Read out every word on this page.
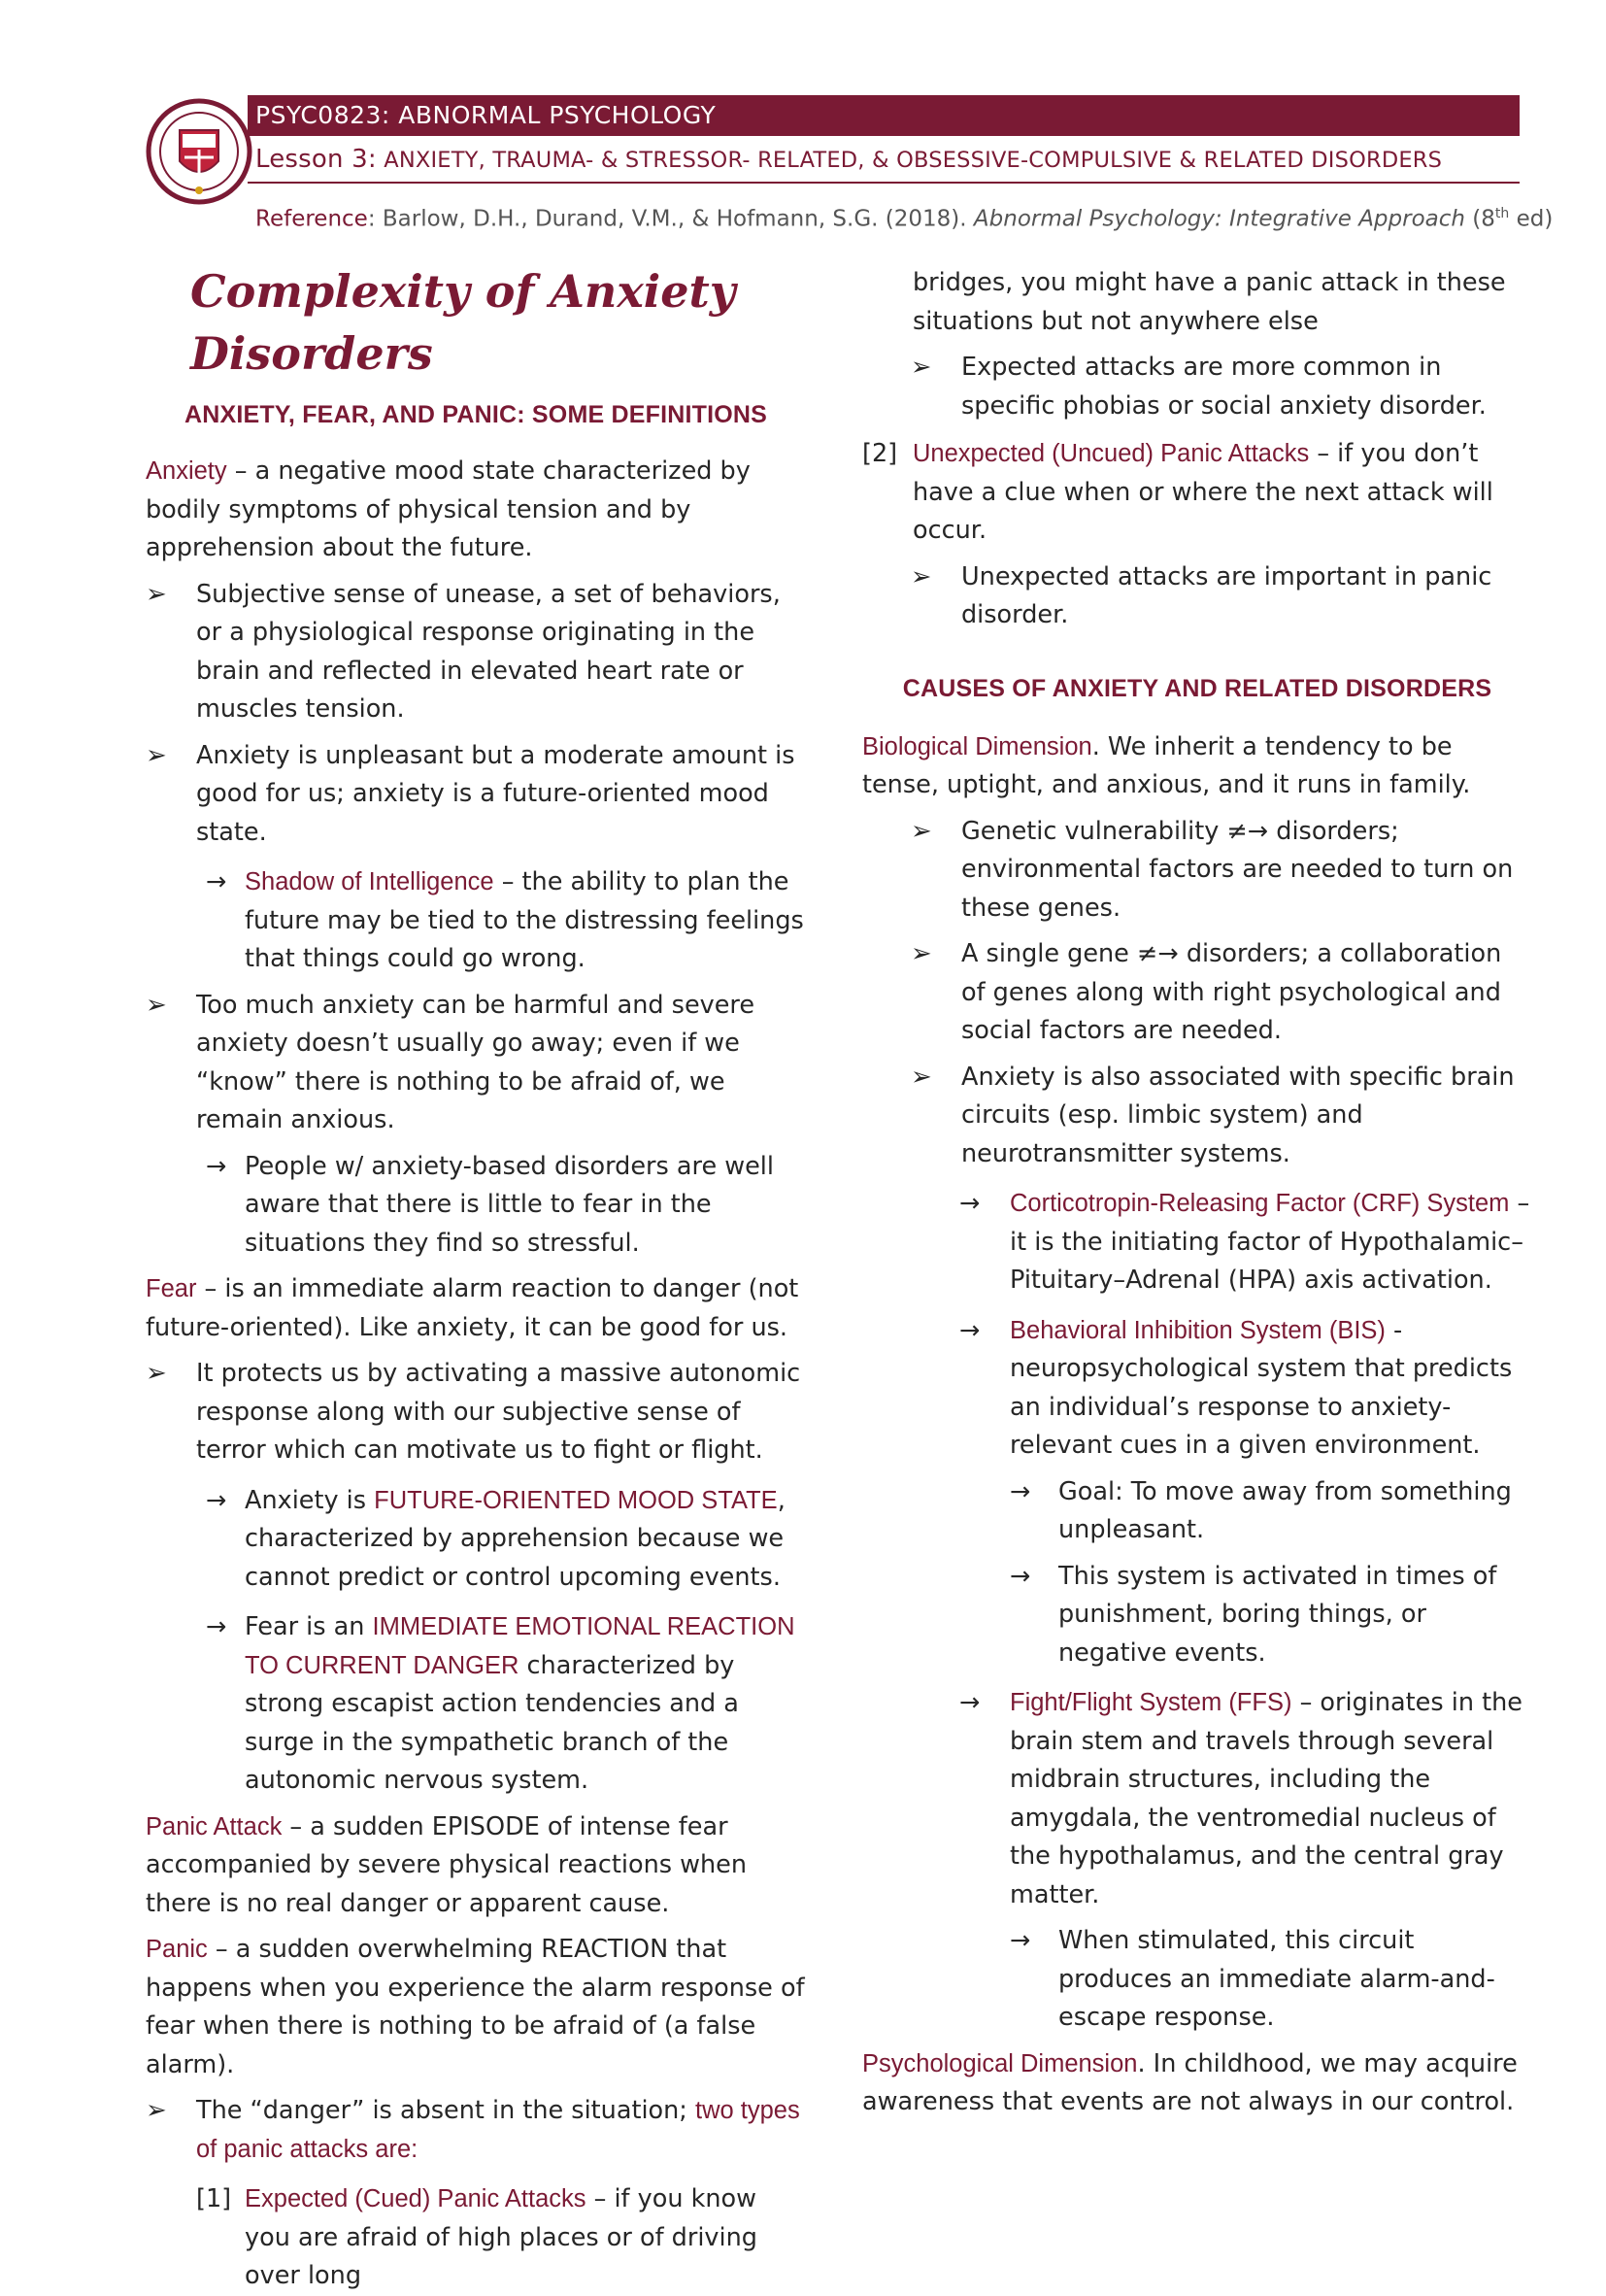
PSYC0823: ABNORMAL PSYCHOLOGY
Lesson 3: ANXIETY, TRAUMA- & STRESSOR- RELATED, & OBSESSIVE-COMPULSIVE & RELATED DISORDERS
Reference: Barlow, D.H., Durand, V.M., & Hofmann, S.G. (2018). Abnormal Psychology: Integrative Approach (8th ed)
Complexity of Anxiety Disorders
ANXIETY, FEAR, AND PANIC: SOME DEFINITIONS

Anxiety – a negative mood state characterized by bodily symptoms of physical tension and by apprehension about the future.

➢ Subjective sense of unease, a set of behaviors, or a physiological response originating in the brain and reflected in elevated heart rate or muscles tension.
➢ Anxiety is unpleasant but a moderate amount is good for us; anxiety is a future-oriented mood state.
→ Shadow of Intelligence – the ability to plan the future may be tied to the distressing feelings that things could go wrong.
➢ Too much anxiety can be harmful and severe anxiety doesn’t usually go away; even if we “know” there is nothing to be afraid of, we remain anxious.
→ People w/ anxiety-based disorders are well aware that there is little to fear in the situations they find so stressful.

Fear – is an immediate alarm reaction to danger (not future-oriented). Like anxiety, it can be good for us.

➢ It protects us by activating a massive autonomic response along with our subjective sense of terror which can motivate us to fight or flight.
→ Anxiety is FUTURE-ORIENTED MOOD STATE, characterized by apprehension because we cannot predict or control upcoming events.
→ Fear is an IMMEDIATE EMOTIONAL REACTION TO CURRENT DANGER characterized by strong escapist action tendencies and a surge in the sympathetic branch of the autonomic nervous system.

Panic Attack – a sudden EPISODE of intense fear accompanied by severe physical reactions when there is no real danger or apparent cause.

Panic – a sudden overwhelming REACTION that happens when you experience the alarm response of fear when there is nothing to be afraid of (a false alarm).

➢ The “danger” is absent in the situation; two types of panic attacks are:
[1] Expected (Cued) Panic Attacks – if you know you are afraid of high places or of driving over long

bridges, you might have a panic attack in these situations but not anywhere else

➢ Expected attacks are more common in specific phobias or social anxiety disorder.
[2] Unexpected (Uncued) Panic Attacks – if you don’t have a clue when or where the next attack will occur.
➢ Unexpected attacks are important in panic disorder.
CAUSES OF ANXIETY AND RELATED DISORDERS

Biological Dimension. We inherit a tendency to be tense, uptight, and anxious, and it runs in family.

➢ Genetic vulnerability ≠→ disorders; environmental factors are needed to turn on these genes.
➢ A single gene ≠→ disorders; a collaboration of genes along with right psychological and social factors are needed.
➢ Anxiety is also associated with specific brain circuits (esp. limbic system) and neurotransmitter systems.
→ Corticotropin-Releasing Factor (CRF) System – it is the initiating factor of Hypothalamic–Pituitary–Adrenal (HPA) axis activation.
→ Behavioral Inhibition System (BIS) - neuropsychological system that predicts an individual’s response to anxiety-relevant cues in a given environment.
→ Goal: To move away from something unpleasant.
→ This system is activated in times of punishment, boring things, or negative events.
→ Fight/Flight System (FFS) – originates in the brain stem and travels through several midbrain structures, including the amygdala, the ventromedial nucleus of the hypothalamus, and the central gray matter.
→ When stimulated, this circuit produces an immediate alarm-and-escape response.

Psychological Dimension. In childhood, we may acquire awareness that events are not always in our control.
